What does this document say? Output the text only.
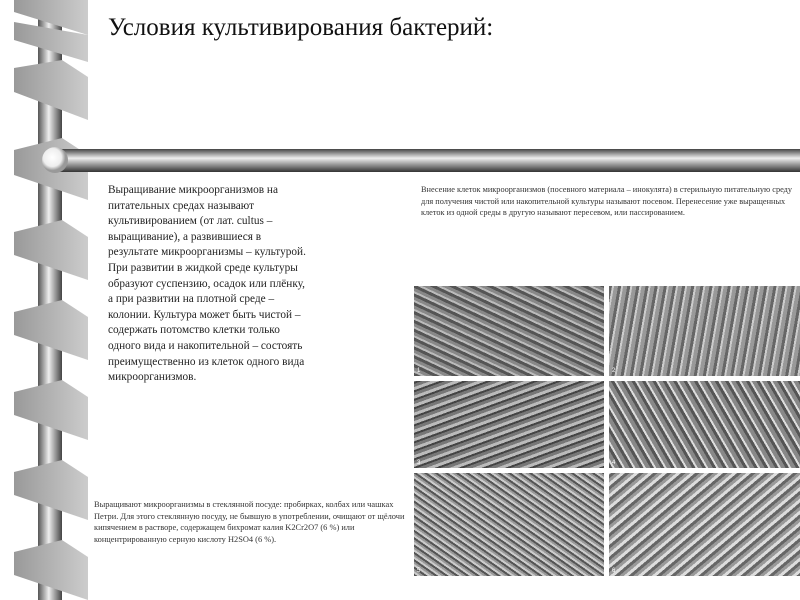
Условия культивирования бактерий:
Выращивание микроорганизмов на питательных средах называют культивированием (от лат. cultus – выращивание), а развившиеся в результате микроорганизмы – культурой. При развитии в жидкой среде культуры образуют суспензию, осадок или плёнку, а при развитии на плотной среде – колонии. Культура может быть чистой – содержать потомство клетки только одного вида и накопительной – состоять преимущественно из клеток одного вида микроорганизмов.
Внесение клеток микроорганизмов (посевного материала – инокулята) в стерильную питательную среду для получения чистой или накопительной культуры называют посевом. Перенесение уже выращенных клеток из одной среды в другую называют пересевом, или пассированием.
Выращивают микроорганизмы в стеклянной посуде: пробирках, колбах или чашках Петри. Для этого стеклянную посуду, не бывшую в употреблении, очищают от щёлочи кипячением в растворе, содержащем бихромат калия K2Cr2O7 (6 %) или концентрированную серную кислоту H2SO4 (6 %).
1	2
3	4
5	6
